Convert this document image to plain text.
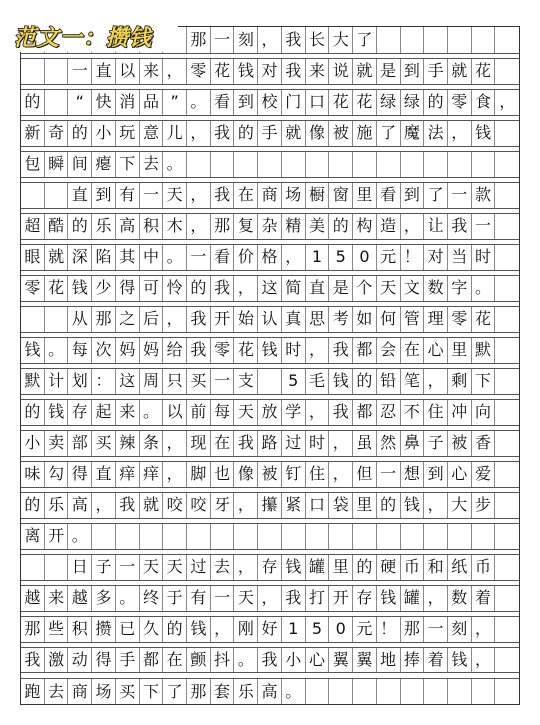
范文一：攒钱 那 一 刻 ， 我 长 大 了
一 直 以 来 ， 零 花 钱 对 我 来 说 就 是 到 手 就 花
的	“ 快 消 品 ” 。 看 到 校 门 口 花 花 绿 绿 的 零 食 ，
新 奇 的 小 玩 意 儿 ， 我 的 手 就 像 被 施 了 魔 法 ， 钱
包 瞬 间 瘪 下 去 。
直 到 有 一 天 ， 我 在 商 场 橱 窗 里 看 到 了 一 款
超 酷 的 乐 高 积 木 ， 那 复 杂 精 美 的 构 造 ， 让 我 一
眼 就 深 陷 其 中 。 一 看 价 格 ， 1 5 0 元 ！ 对 当 时
零 花 钱 少 得 可 怜 的 我 ， 这 简 直 是 个 天 文 数 字 。
从 那 之 后 ， 我 开 始 认 真 思 考 如 何 管 理 零 花
钱 。 每 次 妈 妈 给 我 零 花 钱 时 ， 我 都 会 在 心 里 默
默 计 划 ： 这 周 只 买 一 支	5 毛 钱 的 铅 笔 ， 剩 下
的 钱 存 起 来 。 以 前 每 天 放 学 ， 我 都 忍 不 住 冲 向
小 卖 部 买 辣 条 ， 现 在 我 路 过 时 ， 虽 然 鼻 子 被 香
味 勾 得 直 痒 痒 ， 脚 也 像 被 钉 住 ， 但 一 想 到 心 爱
的 乐 高 ， 我 就 咬 咬 牙 ， 攥 紧 口 袋 里 的 钱 ， 大 步
离 开 。
日 子 一 天 天 过 去 ， 存 钱 罐 里 的 硬 币 和 纸 币
越 来 越 多 。 终 于 有 一 天 ， 我 打 开 存 钱 罐 ， 数 着
那 些 积 攒 已 久 的 钱 ， 刚 好 1 5 0 元 ！ 那 一 刻 ，
我 激 动 得 手 都 在 颤 抖 。 我 小 心 翼 翼 地 捧 着 钱 ，
跑 去 商 场 买 下 了 那 套 乐 高 。
